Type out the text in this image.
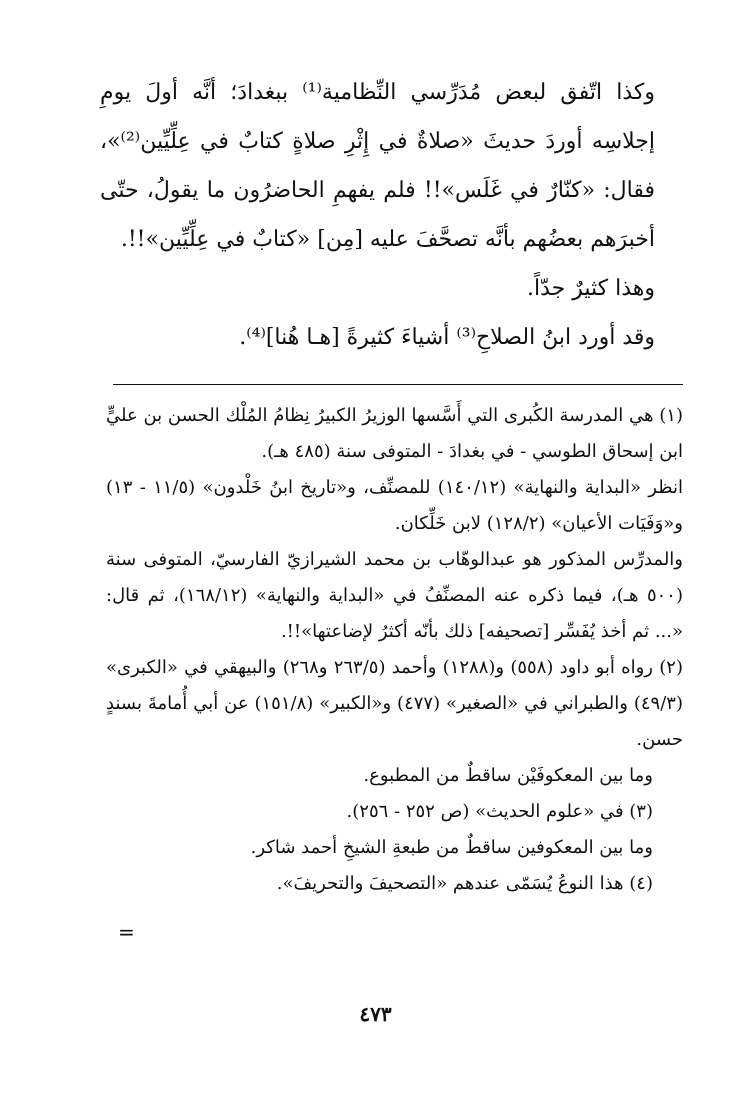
وكذا اتّفق لبعض مُدَرِّسي النِّظامية⁽¹⁾ ببغدادَ؛ أنَّه أولَ يومِ إجلاسِه أوردَ حديثَ «صلاةٌ في إِثْرِ صلاةٍ كتابٌ في عِلِّيِّين⁽²⁾»، فقال: «كنّارٌ في غَلَس»!! فلم يفهمِ الحاضرُون ما يقولُ، حتّى أخبرَهم بعضُهم بأنَّه تصحَّفَ عليه [مِن] «كتابٌ في عِلِّيِّين»!!.

وهذا كثيرٌ جدّاً.

وقد أورد ابنُ الصلاحِ⁽³⁾ أشياءَ كثيرةً [هـا هُنا]⁽⁴⁾.

(١) هي المدرسة الكُبرى التي أَسَّسها الوزيرُ الكبيرُ نِظامُ المُلْك الحسن بن عليٍّ ابن إسحاق الطوسي - في بغدادَ - المتوفى سنة (٤٨٥ هـ).

انظر «البداية والنهاية» (١٤٠/١٢) للمصنِّف، و«تاريخ ابنُ خَلْدون» (١١/٥ - ١٣) و«وَفَيَات الأعيان» (١٢٨/٢) لابن خَلِّكان.

والمدرِّس المذكور هو عبدالوهّاب بن محمد الشيرازيّ الفارسيّ، المتوفى سنة (٥٠٠ هـ)، فيما ذكره عنه المصنِّفُ في «البداية والنهاية» (١٦٨/١٢)، ثم قال: «... ثم أخذ يُفَسِّر [تصحيفه] ذلك بأنّه أكثرُ لإضاعتها»!!.

(٢) رواه أبو داود (٥٥٨) و(١٢٨٨) وأحمد (٢٦٣/٥ و٢٦٨) والبيهقي في «الكبرى» (٤٩/٣) والطبراني في «الصغير» (٤٧٧) و«الكبير» (١٥١/٨) عن أبي أُمامةَ بسندٍ حسن.

وما بين المعكوفَيْن ساقطٌ من المطبوع.

(٣) في «علوم الحديث» (ص ٢٥٢ - ٢٥٦).

وما بين المعكوفين ساقطٌ من طبعةِ الشيخِ أحمد شاكر.

(٤) هذا النوعُ يُسَمّى عندهم «التصحيفَ والتحريفَ».

=
٤٧٣
